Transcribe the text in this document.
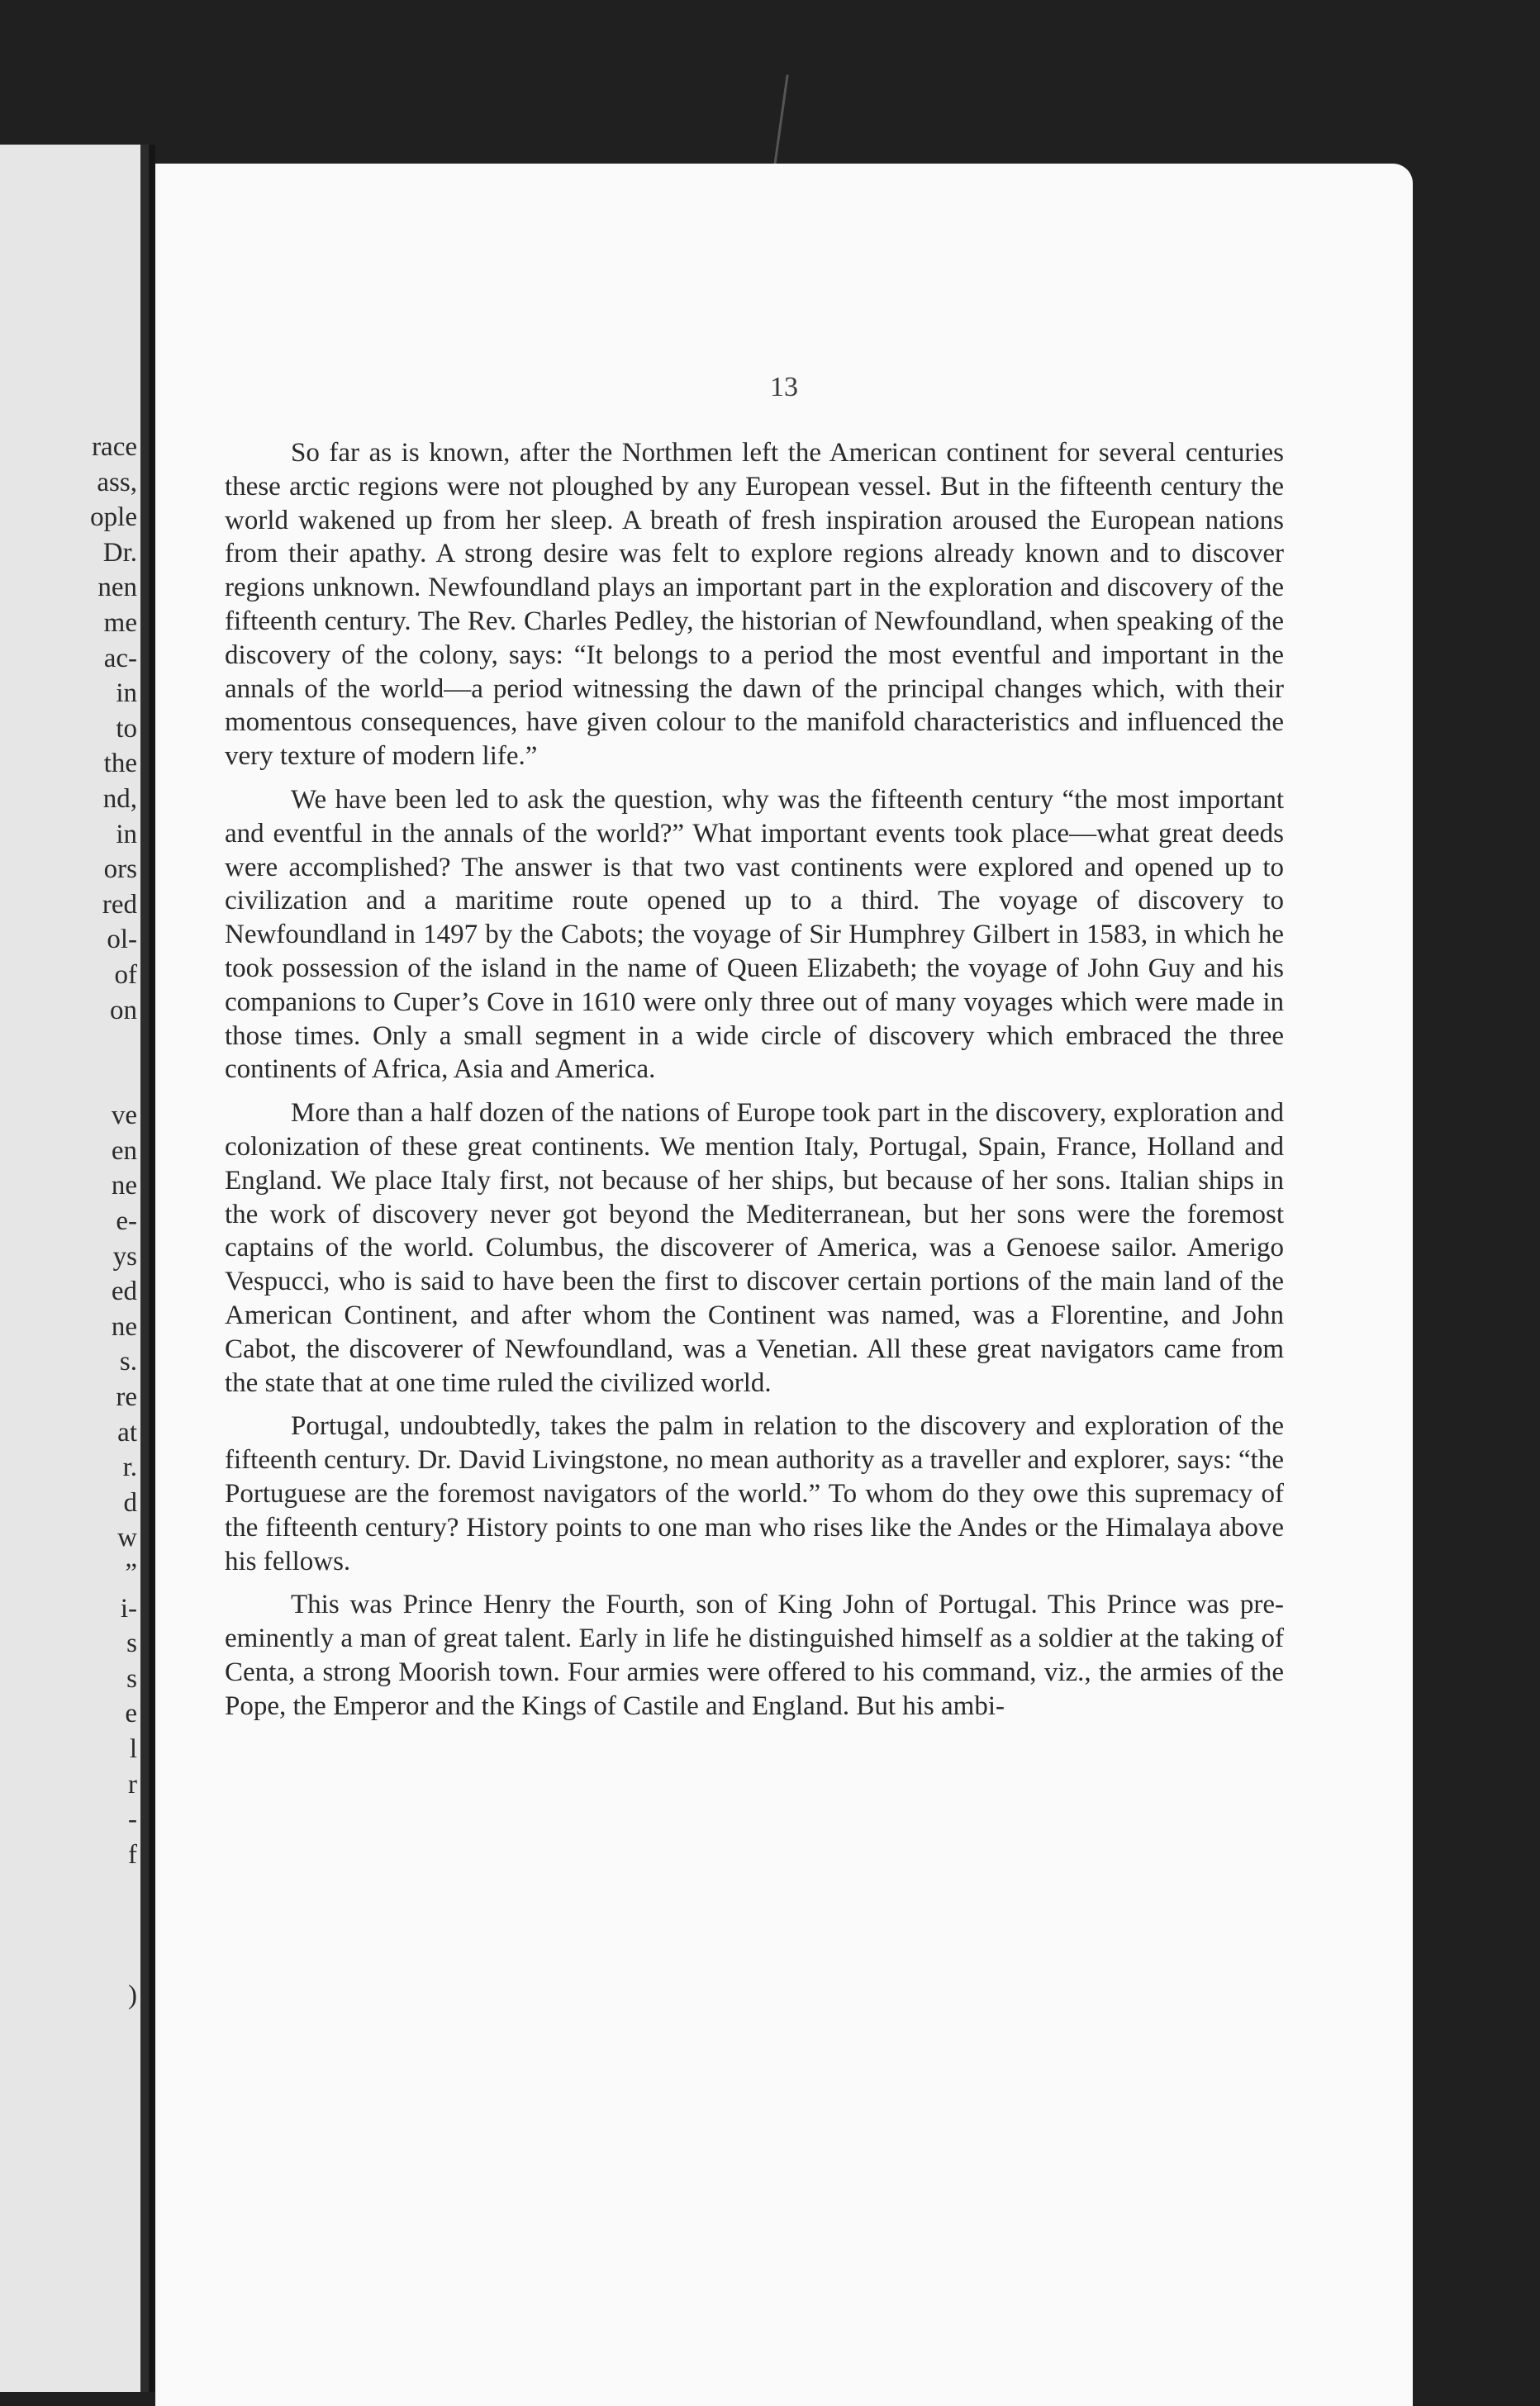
race
ass,
ople
Dr.
nen
me
ac-
in
to
the
nd,
in
ors
red
ol-
of
on

ve
en
ne
e-
ys
ed
ne
s.
re
at
r.
d
w
”
i-
s
s
e
l
r
-
f

)
13

So far as is known, after the Northmen left the American continent for several centuries these arctic regions were not ploughed by any European vessel. But in the fifteenth century the world wakened up from her sleep. A breath of fresh inspiration aroused the European nations from their apathy. A strong desire was felt to explore regions already known and to discover regions unknown. Newfoundland plays an important part in the exploration and discovery of the fifteenth century. The Rev. Charles Pedley, the historian of Newfoundland, when speaking of the discovery of the colony, says: “It belongs to a period the most eventful and important in the annals of the world—a period witnessing the dawn of the principal changes which, with their momentous consequences, have given colour to the manifold characteristics and influenced the very texture of modern life.”

We have been led to ask the question, why was the fifteenth century “the most important and eventful in the annals of the world?” What important events took place—what great deeds were accomplished? The answer is that two vast continents were explored and opened up to civilization and a maritime route opened up to a third. The voyage of discovery to Newfoundland in 1497 by the Cabots; the voyage of Sir Humphrey Gilbert in 1583, in which he took possession of the island in the name of Queen Elizabeth; the voyage of John Guy and his companions to Cuper’s Cove in 1610 were only three out of many voyages which were made in those times. Only a small segment in a wide circle of discovery which embraced the three continents of Africa, Asia and America.

More than a half dozen of the nations of Europe took part in the discovery, exploration and colonization of these great continents. We mention Italy, Portugal, Spain, France, Holland and England. We place Italy first, not because of her ships, but because of her sons. Italian ships in the work of discovery never got beyond the Mediterranean, but her sons were the foremost captains of the world. Columbus, the discoverer of America, was a Genoese sailor. Amerigo Vespucci, who is said to have been the first to discover certain portions of the main land of the American Continent, and after whom the Continent was named, was a Florentine, and John Cabot, the discoverer of Newfoundland, was a Venetian. All these great navigators came from the state that at one time ruled the civilized world.

Portugal, undoubtedly, takes the palm in relation to the discovery and exploration of the fifteenth century. Dr. David Livingstone, no mean authority as a traveller and explorer, says: “the Portuguese are the foremost navigators of the world.” To whom do they owe this supremacy of the fifteenth century? History points to one man who rises like the Andes or the Himalaya above his fellows.

This was Prince Henry the Fourth, son of King John of Portugal. This Prince was pre-eminently a man of great talent. Early in life he distinguished himself as a soldier at the taking of Centa, a strong Moorish town. Four armies were offered to his command, viz., the armies of the Pope, the Emperor and the Kings of Castile and England. But his ambi-
